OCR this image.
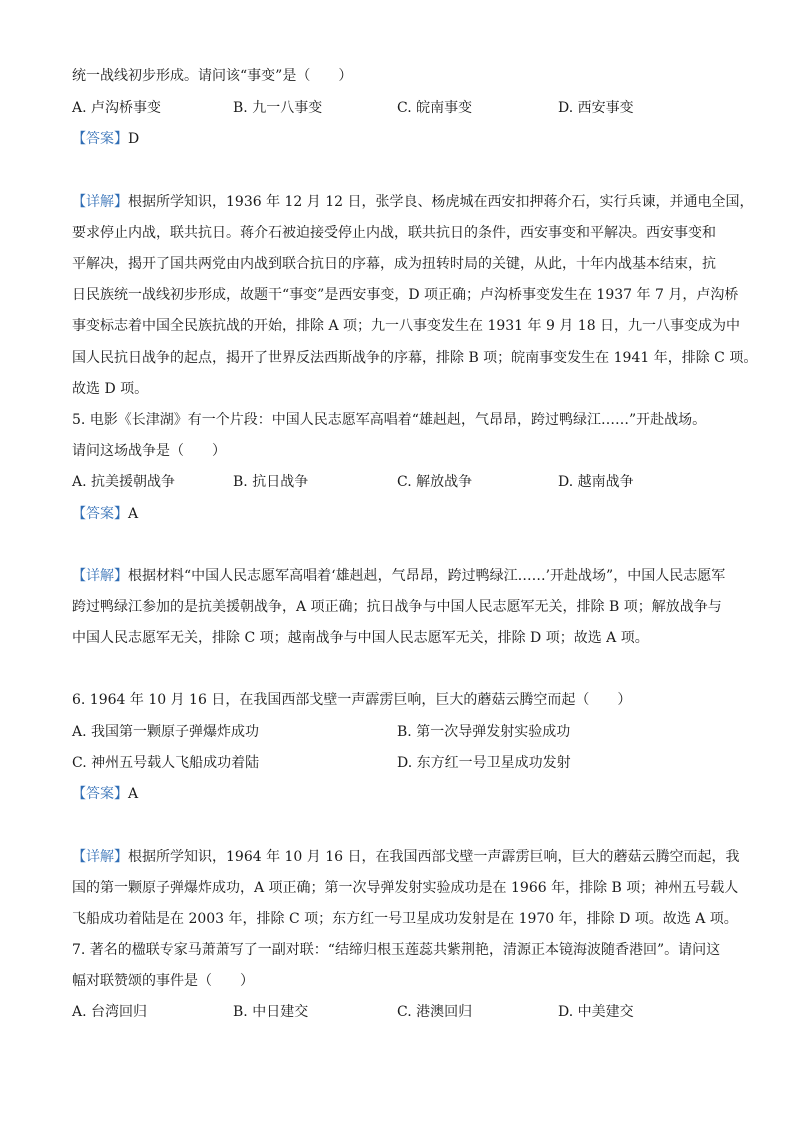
统一战线初步形成。请问该“事变”是（　　）
A. 卢沟桥事变	B. 九一八事变	C. 皖南事变	D. 西安事变
【答案】D
【详解】根据所学知识，1936 年 12 月 12 日，张学良、杨虎城在西安扣押蒋介石，实行兵谏，并通电全国，
要求停止内战，联共抗日。蒋介石被迫接受停止内战，联共抗日的条件，西安事变和平解决。西安事变和
平解决，揭开了国共两党由内战到联合抗日的序幕，成为扭转时局的关键，从此，十年内战基本结束，抗
日民族统一战线初步形成，故题干“事变”是西安事变，D 项正确；卢沟桥事变发生在 1937 年 7 月，卢沟桥
事变标志着中国全民族抗战的开始，排除 A 项；九一八事变发生在 1931 年 9 月 18 日，九一八事变成为中
国人民抗日战争的起点，揭开了世界反法西斯战争的序幕，排除 B 项；皖南事变发生在 1941 年，排除 C 项。
故选 D 项。
5. 电影《长津湖》有一个片段：中国人民志愿军高唱着“雄赳赳，气昂昂，跨过鸭绿江……”开赴战场。
请问这场战争是（　　）
A. 抗美援朝战争	B. 抗日战争	C. 解放战争	D. 越南战争
【答案】A
【详解】根据材料“中国人民志愿军高唱着‘雄赳赳，气昂昂，跨过鸭绿江……’开赴战场”，中国人民志愿军
跨过鸭绿江参加的是抗美援朝战争，A 项正确；抗日战争与中国人民志愿军无关，排除 B 项；解放战争与
中国人民志愿军无关，排除 C 项；越南战争与中国人民志愿军无关，排除 D 项；故选 A 项。
6. 1964 年 10 月 16 日，在我国西部戈壁一声霹雳巨响，巨大的蘑菇云腾空而起（　　）
A. 我国第一颗原子弹爆炸成功	B. 第一次导弹发射实验成功
C. 神州五号载人飞船成功着陆	D. 东方红一号卫星成功发射
【答案】A
【详解】根据所学知识，1964 年 10 月 16 日，在我国西部戈壁一声霹雳巨响，巨大的蘑菇云腾空而起，我
国的第一颗原子弹爆炸成功，A 项正确；第一次导弹发射实验成功是在 1966 年，排除 B 项；神州五号载人
飞船成功着陆是在 2003 年，排除 C 项；东方红一号卫星成功发射是在 1970 年，排除 D 项。故选 A 项。
7. 著名的楹联专家马萧萧写了一副对联：“结缔归根玉莲蕊共紫荆艳，清源正本镜海波随香港回”。请问这
幅对联赞颂的事件是（　　）
A. 台湾回归	B. 中日建交	C. 港澳回归	D. 中美建交
